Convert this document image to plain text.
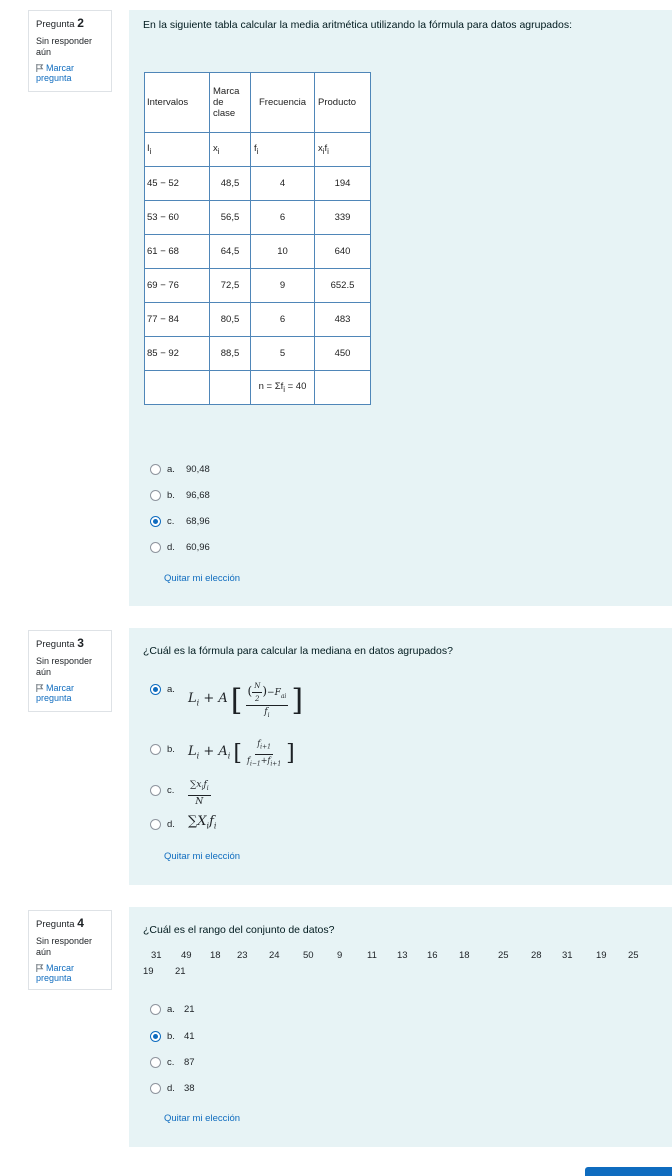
Pregunta 2
Sin responder aún
Marcar
pregunta
En la siguiente tabla calcular la media aritmética utilizando la fórmula para datos agrupados:
Intervalos	Marca
de clase	Frecuencia	Producto
$I_i$	$x_i$	$f_i$	$x_if_i$
45 − 52	48,5	4	194
53 − 60	56,5	6	339
61 − 68	64,5	10	640
69 − 76	72,5	9	652.5
77 − 84	80,5	6	483
85 − 92	88,5	5	450
		$n = \Sigma f_i = 40$	
a. 90,48
b. 96,68
c. 68,96
d. 60,96
Quitar mi elección
Pregunta 3
Sin responder aún
Marcar
pregunta
¿Cuál es la fórmula para calcular la mediana en datos agrupados?
a.
$L_i + A$ [ $\frac{( \frac{N}{2} )-F_{ai}}{f_i}$ ]
b. $L_i + A_i$ [ $\frac{f_{i+1}}{f_{i-1}+f_{i+1}}$ ]
c. $\frac{\sum x_if_i}{N}$
d. $\sum X_if_i$
Quitar mi elección
Pregunta 4
Sin responder aún
Marcar
pregunta
¿Cuál es el rango del conjunto de datos?
31 49 18 23 24 50 9	11 13 16 18	25 28 31 19 25
19 21
a. 21
b. 41
c. 87
d. 38
Quitar mi elección
